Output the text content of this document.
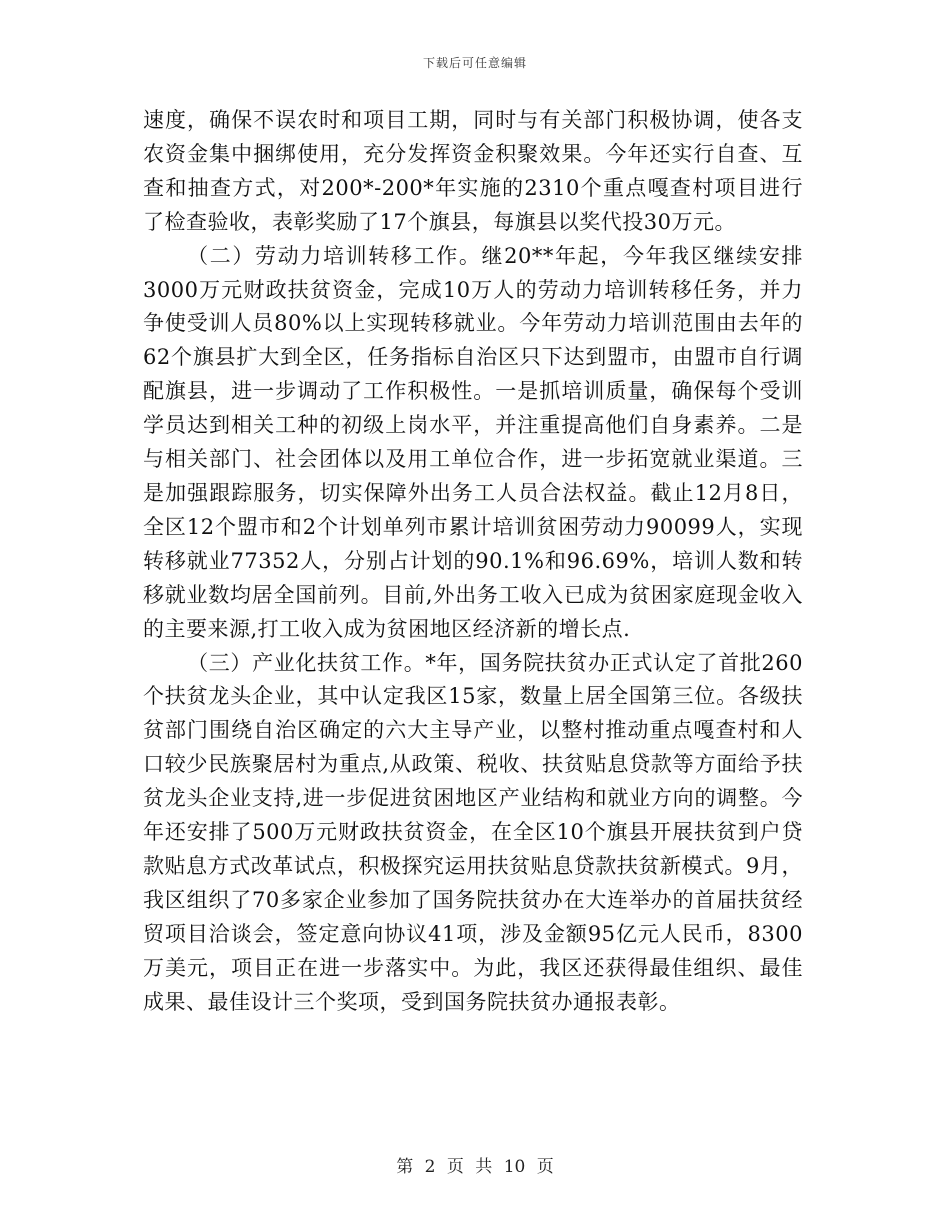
下载后可任意编辑

速度，确保不误农时和项目工期，同时与有关部门积极协调，使各支农资金集中捆绑使用，充分发挥资金积聚效果。今年还实行自查、互查和抽查方式，对200*-200*年实施的2310个重点嘎查村项目进行了检查验收，表彰奖励了17个旗县，每旗县以奖代投30万元。

（二）劳动力培训转移工作。继20**年起，今年我区继续安排3000万元财政扶贫资金，完成10万人的劳动力培训转移任务，并力争使受训人员80%以上实现转移就业。今年劳动力培训范围由去年的62个旗县扩大到全区，任务指标自治区只下达到盟市，由盟市自行调配旗县，进一步调动了工作积极性。一是抓培训质量，确保每个受训学员达到相关工种的初级上岗水平，并注重提高他们自身素养。二是与相关部门、社会团体以及用工单位合作，进一步拓宽就业渠道。三是加强跟踪服务，切实保障外出务工人员合法权益。截止12月8日，全区12个盟市和2个计划单列市累计培训贫困劳动力90099人，实现转移就业77352人，分别占计划的90.1%和96.69%，培训人数和转移就业数均居全国前列。目前,外出务工收入已成为贫困家庭现金收入的主要来源,打工收入成为贫困地区经济新的增长点.

（三）产业化扶贫工作。*年，国务院扶贫办正式认定了首批260个扶贫龙头企业，其中认定我区15家，数量上居全国第三位。各级扶贫部门围绕自治区确定的六大主导产业，以整村推动重点嘎查村和人口较少民族聚居村为重点,从政策、税收、扶贫贴息贷款等方面给予扶贫龙头企业支持,进一步促进贫困地区产业结构和就业方向的调整。今年还安排了500万元财政扶贫资金，在全区10个旗县开展扶贫到户贷款贴息方式改革试点，积极探究运用扶贫贴息贷款扶贫新模式。9月，我区组织了70多家企业参加了国务院扶贫办在大连举办的首届扶贫经贸项目洽谈会，签定意向协议41项，涉及金额95亿元人民币，8300万美元，项目正在进一步落实中。为此，我区还获得最佳组织、最佳成果、最佳设计三个奖项，受到国务院扶贫办通报表彰。

第 2 页 共 10 页
